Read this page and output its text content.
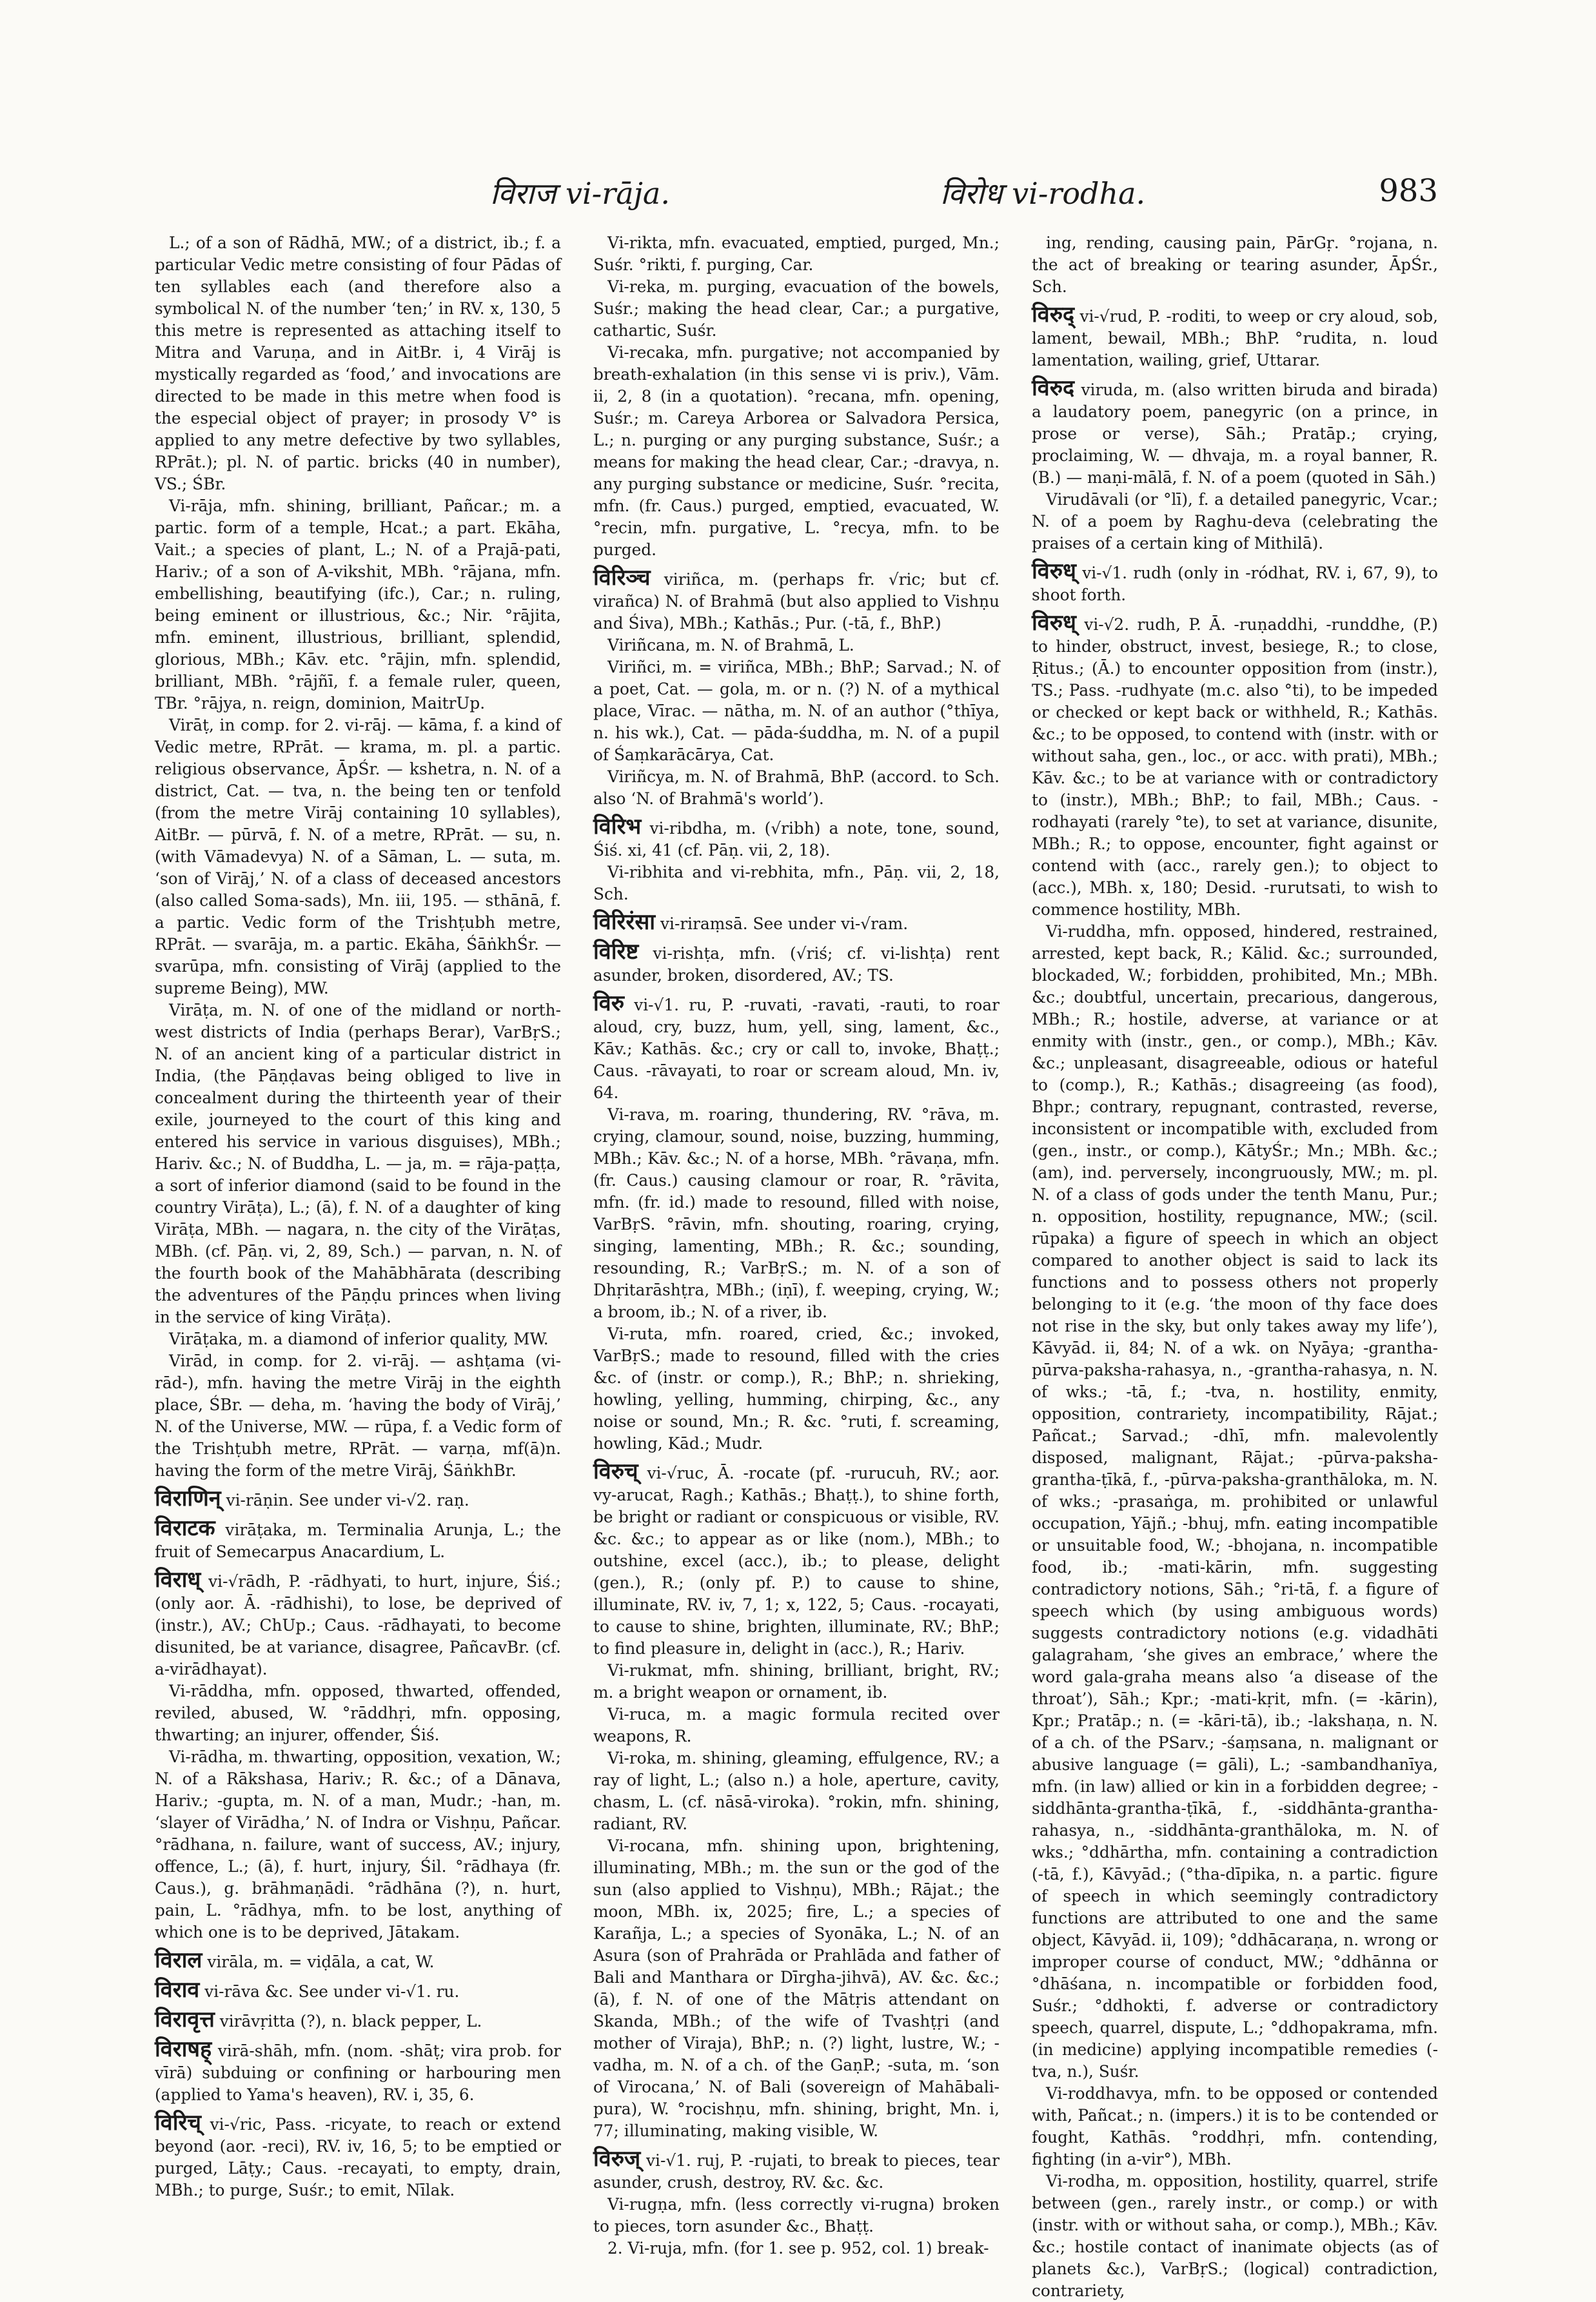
विराज vi-rāja.	विरोध vi-rodha.	983

L.; of a son of Rādhā, MW.; of a district, ib.; f. a particular Vedic metre consisting of four Pādas of ten syllables each (and therefore also a symbolical N. of the number ‘ten;’ in RV. x, 130, 5 this metre is represented as attaching itself to Mitra and Varuṇa, and in AitBr. i, 4 Virāj is mystically regarded as ‘food,’ and invocations are directed to be made in this metre when food is the especial object of prayer; in prosody V° is applied to any metre defective by two syllables, RPrāt.); pl. N. of partic. bricks (40 in number), VS.; ŚBr.

Vi-rāja, mfn. shining, brilliant, Pañcar.; m. a partic. form of a temple, Hcat.; a part. Ekāha, Vait.; a species of plant, L.; N. of a Prajā-pati, Hariv.; of a son of A-vikshit, MBh. °rājana, mfn. embellishing, beautifying (ifc.), Car.; n. ruling, being eminent or illustrious, &c.; Nir. °rājita, mfn. eminent, illustrious, brilliant, splendid, glorious, MBh.; Kāv. etc. °rājin, mfn. splendid, brilliant, MBh. °rājñī, f. a female ruler, queen, TBr. °rājya, n. reign, dominion, MaitrUp.

Virāṭ, in comp. for 2. vi-rāj. — kāma, f. a kind of Vedic metre, RPrāt. — krama, m. pl. a partic. religious observance, ĀpŚr. — kshetra, n. N. of a district, Cat. — tva, n. the being ten or tenfold (from the metre Virāj containing 10 syllables), AitBr. — pūrvā, f. N. of a metre, RPrāt. — su, n. (with Vāmadevya) N. of a Sāman, L. — suta, m. ‘son of Virāj,’ N. of a class of deceased ancestors (also called Soma-sads), Mn. iii, 195. — sthānā, f. a partic. Vedic form of the Trishṭubh metre, RPrāt. — svarāja, m. a partic. Ekāha, ŚāṅkhŚr. — svarūpa, mfn. consisting of Virāj (applied to the supreme Being), MW.

Virāṭa, m. N. of one of the midland or north-west districts of India (perhaps Berar), VarBṛS.; N. of an ancient king of a particular district in India, (the Pāṇḍavas being obliged to live in concealment during the thirteenth year of their exile, journeyed to the court of this king and entered his service in various disguises), MBh.; Hariv. &c.; N. of Buddha, L. — ja, m. = rāja-paṭṭa, a sort of inferior diamond (said to be found in the country Virāṭa), L.; (ā), f. N. of a daughter of king Virāṭa, MBh. — nagara, n. the city of the Virāṭas, MBh. (cf. Pāṇ. vi, 2, 89, Sch.) — parvan, n. N. of the fourth book of the Mahābhārata (describing the adventures of the Pāṇḍu princes when living in the service of king Virāṭa).

Virāṭaka, m. a diamond of inferior quality, MW.

Virād, in comp. for 2. vi-rāj. — ashṭama (vi-rād-), mfn. having the metre Virāj in the eighth place, ŚBr. — deha, m. ‘having the body of Virāj,’ N. of the Universe, MW. — rūpa, f. a Vedic form of the Trishṭubh metre, RPrāt. — varṇa, mf(ā)n. having the form of the metre Virāj, ŚāṅkhBr.

विराणिन् vi-rāṇin. See under vi-√2. raṇ.

विराटक virāṭaka, m. Terminalia Arunja, L.; the fruit of Semecarpus Anacardium, L.

विराध् vi-√rādh, P. -rādhyati, to hurt, injure, Śiś.; (only aor. Ā. -rādhishi), to lose, be deprived of (instr.), AV.; ChUp.; Caus. -rādhayati, to become disunited, be at variance, disagree, PañcavBr. (cf. a-virādhayat).

Vi-rāddha, mfn. opposed, thwarted, offended, reviled, abused, W. °rāddhṛi, mfn. opposing, thwarting; an injurer, offender, Śiś.

Vi-rādha, m. thwarting, opposition, vexation, W.; N. of a Rākshasa, Hariv.; R. &c.; of a Dānava, Hariv.; -gupta, m. N. of a man, Mudr.; -han, m. ‘slayer of Virādha,’ N. of Indra or Vishṇu, Pañcar. °rādhana, n. failure, want of success, AV.; injury, offence, L.; (ā), f. hurt, injury, Śil. °rādhaya (fr. Caus.), g. brāhmaṇādi. °rādhāna (?), n. hurt, pain, L. °rādhya, mfn. to be lost, anything of which one is to be deprived, Jātakam.

विराल virāla, m. = viḍāla, a cat, W.

विराव vi-rāva &c. See under vi-√1. ru.

विरावृत्त virāvṛitta (?), n. black pepper, L.

विराषह् virā-shāh, mfn. (nom. -shāṭ; vira prob. for vīrā) subduing or confining or harbouring men (applied to Yama's heaven), RV. i, 35, 6.

विरिच् vi-√ric, Pass. -ricyate, to reach or extend beyond (aor. -reci), RV. iv, 16, 5; to be emptied or purged, Lāṭy.; Caus. -recayati, to empty, drain, MBh.; to purge, Suśr.; to emit, Nīlak.

Vi-rikta, mfn. evacuated, emptied, purged, Mn.; Suśr. °rikti, f. purging, Car.

Vi-reka, m. purging, evacuation of the bowels, Suśr.; making the head clear, Car.; a purgative, cathartic, Suśr.

Vi-recaka, mfn. purgative; not accompanied by breath-exhalation (in this sense vi is priv.), Vām. ii, 2, 8 (in a quotation). °recana, mfn. opening, Suśr.; m. Careya Arborea or Salvadora Persica, L.; n. purging or any purging substance, Suśr.; a means for making the head clear, Car.; -dravya, n. any purging substance or medicine, Suśr. °recita, mfn. (fr. Caus.) purged, emptied, evacuated, W. °recin, mfn. purgative, L. °recya, mfn. to be purged.

विरिञ्च viriñca, m. (perhaps fr. √ric; but cf. virañca) N. of Brahmā (but also applied to Vishṇu and Śiva), MBh.; Kathās.; Pur. (-tā, f., BhP.)

Viriñcana, m. N. of Brahmā, L.

Viriñci, m. = viriñca, MBh.; BhP.; Sarvad.; N. of a poet, Cat. — gola, m. or n. (?) N. of a mythical place, Vīrac. — nātha, m. N. of an author (°thīya, n. his wk.), Cat. — pāda-śuddha, m. N. of a pupil of Śaṃkarācārya, Cat.

Viriñcya, m. N. of Brahmā, BhP. (accord. to Sch. also ‘N. of Brahmā's world’).

विरिभ vi-ribdha, m. (√ribh) a note, tone, sound, Śiś. xi, 41 (cf. Pāṇ. vii, 2, 18).

Vi-ribhita and vi-rebhita, mfn., Pāṇ. vii, 2, 18, Sch.

विरिरंसा vi-riraṃsā. See under vi-√ram.

विरिष्ट vi-rishṭa, mfn. (√riś; cf. vi-lishṭa) rent asunder, broken, disordered, AV.; TS.

विरु vi-√1. ru, P. -ruvati, -ravati, -rauti, to roar aloud, cry, buzz, hum, yell, sing, lament, &c., Kāv.; Kathās. &c.; cry or call to, invoke, Bhaṭṭ.; Caus. -rāvayati, to roar or scream aloud, Mn. iv, 64.

Vi-rava, m. roaring, thundering, RV. °rāva, m. crying, clamour, sound, noise, buzzing, humming, MBh.; Kāv. &c.; N. of a horse, MBh. °rāvaṇa, mfn. (fr. Caus.) causing clamour or roar, R. °rāvita, mfn. (fr. id.) made to resound, filled with noise, VarBṛS. °rāvin, mfn. shouting, roaring, crying, singing, lamenting, MBh.; R. &c.; sounding, resounding, R.; VarBṛS.; m. N. of a son of Dhṛitarāshṭra, MBh.; (iṇī), f. weeping, crying, W.; a broom, ib.; N. of a river, ib.

Vi-ruta, mfn. roared, cried, &c.; invoked, VarBṛS.; made to resound, filled with the cries &c. of (instr. or comp.), R.; BhP.; n. shrieking, howling, yelling, humming, chirping, &c., any noise or sound, Mn.; R. &c. °ruti, f. screaming, howling, Kād.; Mudr.

विरुच् vi-√ruc, Ā. -rocate (pf. -rurucuh, RV.; aor. vy-arucat, Ragh.; Kathās.; Bhaṭṭ.), to shine forth, be bright or radiant or conspicuous or visible, RV. &c. &c.; to appear as or like (nom.), MBh.; to outshine, excel (acc.), ib.; to please, delight (gen.), R.; (only pf. P.) to cause to shine, illuminate, RV. iv, 7, 1; x, 122, 5; Caus. -rocayati, to cause to shine, brighten, illuminate, RV.; BhP.; to find pleasure in, delight in (acc.), R.; Hariv.

Vi-rukmat, mfn. shining, brilliant, bright, RV.; m. a bright weapon or ornament, ib.

Vi-ruca, m. a magic formula recited over weapons, R.

Vi-roka, m. shining, gleaming, effulgence, RV.; a ray of light, L.; (also n.) a hole, aperture, cavity, chasm, L. (cf. nāsā-viroka). °rokin, mfn. shining, radiant, RV.

Vi-rocana, mfn. shining upon, brightening, illuminating, MBh.; m. the sun or the god of the sun (also applied to Vishṇu), MBh.; Rājat.; the moon, MBh. ix, 2025; fire, L.; a species of Karañja, L.; a species of Syonāka, L.; N. of an Asura (son of Prahrāda or Prahlāda and father of Bali and Manthara or Dīrgha-jihvā), AV. &c. &c.; (ā), f. N. of one of the Mātṛis attendant on Skanda, MBh.; of the wife of Tvashṭṛi (and mother of Viraja), BhP.; n. (?) light, lustre, W.; -vadha, m. N. of a ch. of the GaṇP.; -suta, m. ‘son of Virocana,’ N. of Bali (sovereign of Mahābali-pura), W. °rocishṇu, mfn. shining, bright, Mn. i, 77; illuminating, making visible, W.

विरुज् vi-√1. ruj, P. -rujati, to break to pieces, tear asunder, crush, destroy, RV. &c. &c.

Vi-rugṇa, mfn. (less correctly vi-rugna) broken to pieces, torn asunder &c., Bhaṭṭ.

2. Vi-ruja, mfn. (for 1. see p. 952, col. 1) break-

ing, rending, causing pain, PārGṛ. °rojana, n. the act of breaking or tearing asunder, ĀpŚr., Sch.

विरुद् vi-√rud, P. -roditi, to weep or cry aloud, sob, lament, bewail, MBh.; BhP. °rudita, n. loud lamentation, wailing, grief, Uttarar.

विरुद viruda, m. (also written biruda and birada) a laudatory poem, panegyric (on a prince, in prose or verse), Sāh.; Pratāp.; crying, proclaiming, W. — dhvaja, m. a royal banner, R. (B.) — maṇi-mālā, f. N. of a poem (quoted in Sāh.)

Virudāvali (or °lī), f. a detailed panegyric, Vcar.; N. of a poem by Raghu-deva (celebrating the praises of a certain king of Mithilā).

विरुध् vi-√1. rudh (only in -ródhat, RV. i, 67, 9), to shoot forth.

विरुध् vi-√2. rudh, P. Ā. -ruṇaddhi, -runddhe, (P.) to hinder, obstruct, invest, besiege, R.; to close, Ṛitus.; (Ā.) to encounter opposition from (instr.), TS.; Pass. -rudhyate (m.c. also °ti), to be impeded or checked or kept back or withheld, R.; Kathās. &c.; to be opposed, to contend with (instr. with or without saha, gen., loc., or acc. with prati), MBh.; Kāv. &c.; to be at variance with or contradictory to (instr.), MBh.; BhP.; to fail, MBh.; Caus. -rodhayati (rarely °te), to set at variance, disunite, MBh.; R.; to oppose, encounter, fight against or contend with (acc., rarely gen.); to object to (acc.), MBh. x, 180; Desid. -rurutsati, to wish to commence hostility, MBh.

Vi-ruddha, mfn. opposed, hindered, restrained, arrested, kept back, R.; Kālid. &c.; surrounded, blockaded, W.; forbidden, prohibited, Mn.; MBh. &c.; doubtful, uncertain, precarious, dangerous, MBh.; R.; hostile, adverse, at variance or at enmity with (instr., gen., or comp.), MBh.; Kāv. &c.; unpleasant, disagreeable, odious or hateful to (comp.), R.; Kathās.; disagreeing (as food), Bhpr.; contrary, repugnant, contrasted, reverse, inconsistent or incompatible with, excluded from (gen., instr., or comp.), KātyŚr.; Mn.; MBh. &c.; (am), ind. perversely, incongruously, MW.; m. pl. N. of a class of gods under the tenth Manu, Pur.; n. opposition, hostility, repugnance, MW.; (scil. rūpaka) a figure of speech in which an object compared to another object is said to lack its functions and to possess others not properly belonging to it (e.g. ‘the moon of thy face does not rise in the sky, but only takes away my life’), Kāvyād. ii, 84; N. of a wk. on Nyāya; -grantha-pūrva-paksha-rahasya, n., -grantha-rahasya, n. N. of wks.; -tā, f.; -tva, n. hostility, enmity, opposition, contrariety, incompatibility, Rājat.; Pañcat.; Sarvad.; -dhī, mfn. malevolently disposed, malignant, Rājat.; -pūrva-paksha-grantha-ṭīkā, f., -pūrva-paksha-granthāloka, m. N. of wks.; -prasaṅga, m. prohibited or unlawful occupation, Yājñ.; -bhuj, mfn. eating incompatible or unsuitable food, W.; -bhojana, n. incompatible food, ib.; -mati-kārin, mfn. suggesting contradictory notions, Sāh.; °ri-tā, f. a figure of speech which (by using ambiguous words) suggests contradictory notions (e.g. vidadhāti galagraham, ‘she gives an embrace,’ where the word gala-graha means also ‘a disease of the throat’), Sāh.; Kpr.; -mati-kṛit, mfn. (= -kārin), Kpr.; Pratāp.; n. (= -kāri-tā), ib.; -lakshaṇa, n. N. of a ch. of the PSarv.; -śaṃsana, n. malignant or abusive language (= gāli), L.; -sambandhanīya, mfn. (in law) allied or kin in a forbidden degree; -siddhānta-grantha-ṭīkā, f., -siddhānta-grantha-rahasya, n., -siddhānta-granthāloka, m. N. of wks.; °ddhārtha, mfn. containing a contradiction (-tā, f.), Kāvyād.; (°tha-dīpika, n. a partic. figure of speech in which seemingly contradictory functions are attributed to one and the same object, Kāvyād. ii, 109); °ddhācaraṇa, n. wrong or improper course of conduct, MW.; °ddhānna or °dhāśana, n. incompatible or forbidden food, Suśr.; °ddhokti, f. adverse or contradictory speech, quarrel, dispute, L.; °ddhopakrama, mfn. (in medicine) applying incompatible remedies (-tva, n.), Suśr.

Vi-roddhavya, mfn. to be opposed or contended with, Pañcat.; n. (impers.) it is to be contended or fought, Kathās. °roddhṛi, mfn. contending, fighting (in a-vir°), MBh.

Vi-rodha, m. opposition, hostility, quarrel, strife between (gen., rarely instr., or comp.) or with (instr. with or without saha, or comp.), MBh.; Kāv. &c.; hostile contact of inanimate objects (as of planets &c.), VarBṛS.; (logical) contradiction, contrariety,
